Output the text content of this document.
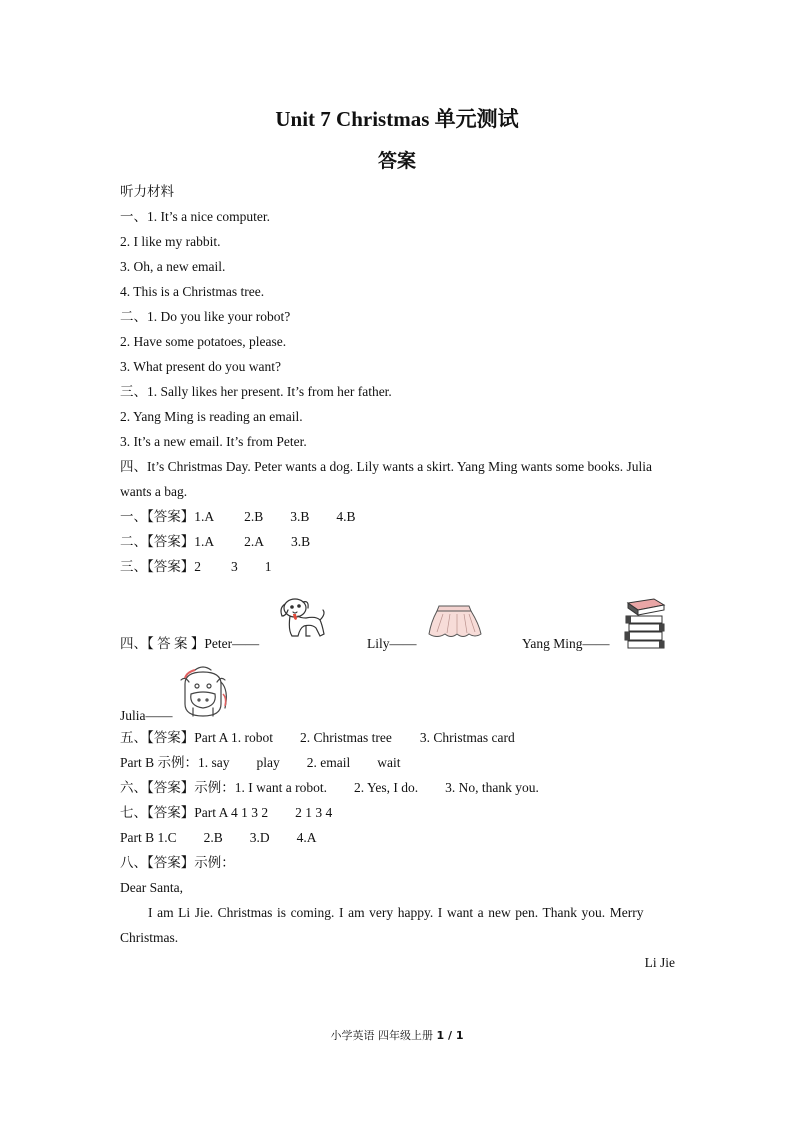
Unit 7 Christmas 单元测试
答案
听力材料
一、1. It’s a nice computer.
2. I like my rabbit.
3. Oh, a new email.
4. This is a Christmas tree.
二、1. Do you like your robot?
2. Have some potatoes, please.
3. What present do you want?
三、1. Sally likes her present. It’s from her father.
2. Yang Ming is reading an email.
3. It’s a new email. It’s from Peter.
四、It’s Christmas Day. Peter wants a dog. Lily wants a skirt. Yang Ming wants some books. Julia
wants a bag.
一、【答案】1.A 2.B 3.B 4.B
二、【答案】1.A 2.A 3.B
三、【答案】2 3 1
四、【 答 案 】Peter——	Lily——	Yang Ming——
Julia——
五、【答案】Part A 1. robot 2. Christmas tree 3. Christmas card
Part B 示例：1. say play 2. email wait
六、【答案】示例：1. I want a robot. 2. Yes, I do. 3. No, thank you.
七、【答案】Part A 4 1 3 2 2 1 3 4
Part B 1.C 2.B 3.D 4.A
八、【答案】示例：
Dear Santa,
I am Li Jie. Christmas is coming. I am very happy. I want a new pen. Thank you. Merry
Christmas.
Li Jie
小学英语 四年级上册 1 / 1
